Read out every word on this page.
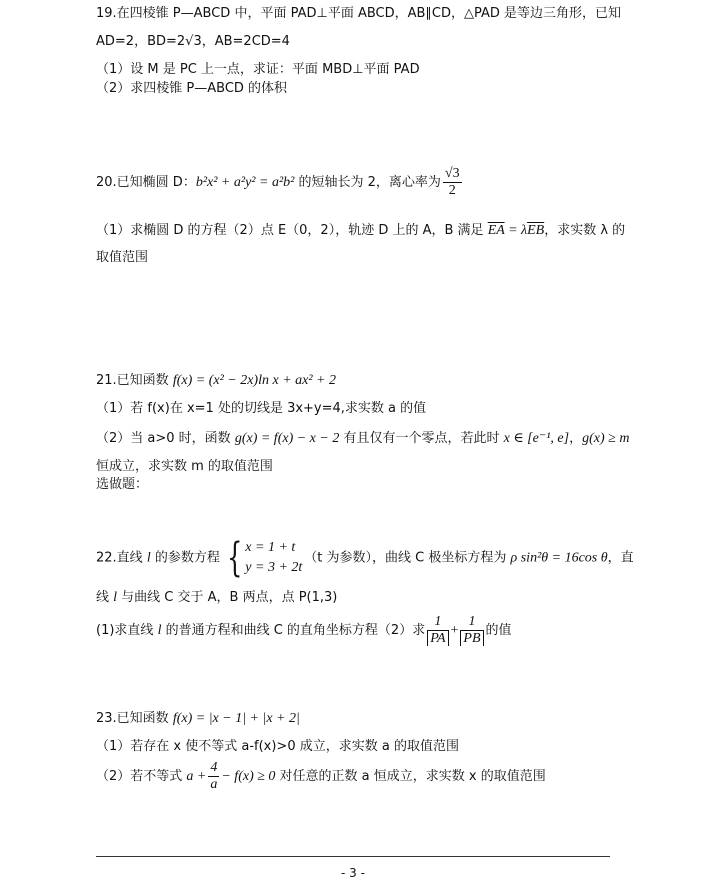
19.在四棱锥 P—ABCD 中，平面 PAD⊥平面 ABCD，AB∥CD，△PAD 是等边三角形，已知
AD=2，BD=2√3，AB=2CD=4
（1）设 M 是 PC 上一点，求证：平面 MBD⊥平面 PAD
（2）求四棱锥 P—ABCD 的体积
20.已知椭圆 D：b²x² + a²y² = a²b² 的短轴长为 2，离心率为 $\frac{√3}{2}$
（1）求椭圆 D 的方程（2）点 E（0，2），轨迹 D 上的 A，B 满足 $\overline{EA} = \lambda\overline{EB}$，求实数 λ 的
取值范围
21.已知函数 f(x) = (x² − 2x)ln x + ax² + 2
（1）若 f(x)在 x=1 处的切线是 3x+y=4,求实数 a 的值
（2）当 a>0 时，函数 g(x) = f(x) − x − 2 有且仅有一个零点，若此时 x ∈ [e⁻¹, e]，g(x) ≥ m
恒成立，求实数 m 的取值范围
选做题：
22.直线 l 的参数方程 { x = 1 + t
y = 3 + 2t
（t 为参数），曲线 C 极坐标方程为 ρ sin²θ = 16cos θ，直
线 l 与曲线 C 交于 A，B 两点，点 P(1,3)
(1)求直线 l 的普通方程和曲线 C 的直角坐标方程（2）求 $\frac{1}{PA} + \frac{1}{PB}$ 的值
23.已知函数 f(x) = |x − 1| + |x + 2|
（1）若存在 x 使不等式 a-f(x)>0 成立，求实数 a 的取值范围
（2）若不等式 $a + \frac{4}{a} - f(x) \ge 0$ 对任意的正数 a 恒成立，求实数 x 的取值范围
- 3 -
